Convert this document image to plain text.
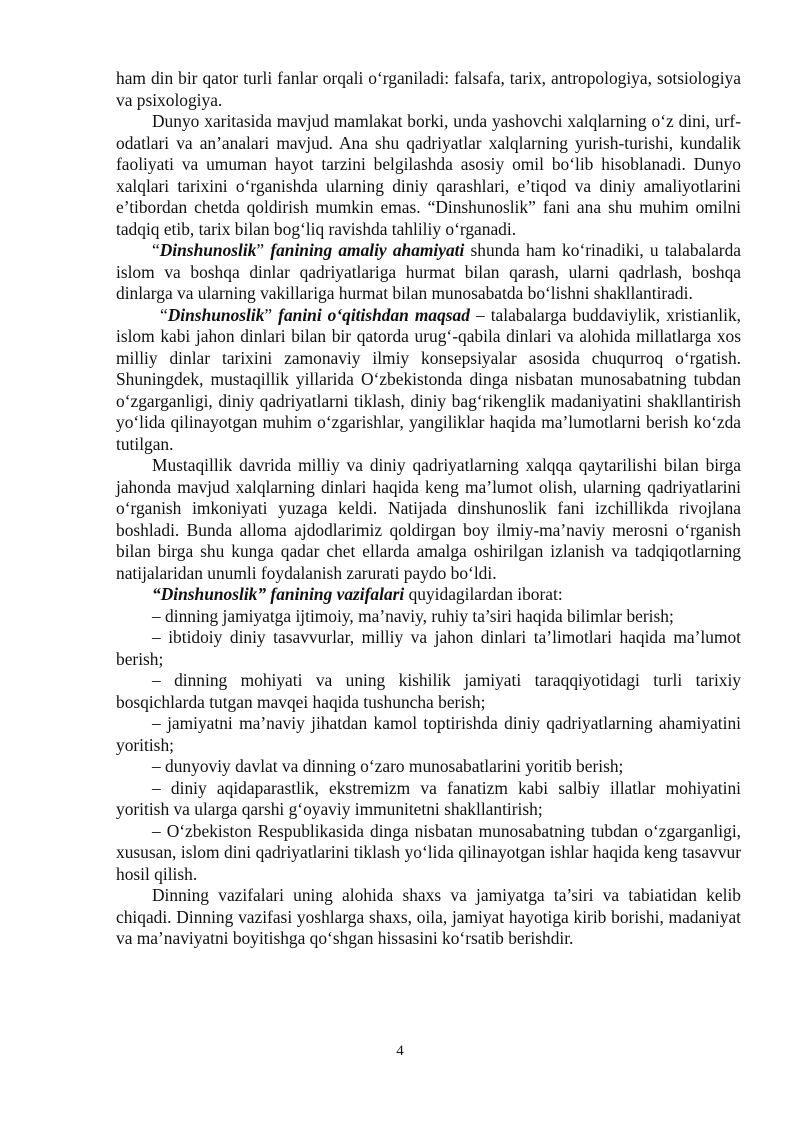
ham din bir qator turli fanlar orqali o‘rganiladi: falsafa, tarix, antropologiya, sotsiologiya va psixologiya.

Dunyo xaritasida mavjud mamlakat borki, unda yashovchi xalqlarning o‘z dini, urf-odatlari va an’analari mavjud. Ana shu qadriyatlar xalqlarning yurish-turishi, kundalik faoliyati va umuman hayot tarzini belgilashda asosiy omil bo‘lib hisoblanadi. Dunyo xalqlari tarixini o‘rganishda ularning diniy qarashlari, e’tiqod va diniy amaliyotlarini e’tibordan chetda qoldirish mumkin emas. “Dinshunoslik” fani ana shu muhim omilni tadqiq etib, tarix bilan bog‘liq ravishda tahliliy o‘rganadi.

“Dinshunoslik” fanining amaliy ahamiyati shunda ham ko‘rinadiki, u talabalarda islom va boshqa dinlar qadriyatlariga hurmat bilan qarash, ularni qadrlash, boshqa dinlarga va ularning vakillariga hurmat bilan munosabatda bo‘lishni shakllantiradi.

“Dinshunoslik” fanini o‘qitishdan maqsad – talabalarga buddaviylik, xristianlik, islom kabi jahon dinlari bilan bir qatorda urug‘-qabila dinlari va alohida millatlarga xos milliy dinlar tarixini zamonaviy ilmiy konsepsiyalar asosida chuqurroq o‘rgatish. Shuningdek, mustaqillik yillarida O‘zbekistonda dinga nisbatan munosabatning tubdan o‘zgarganligi, diniy qadriyatlarni tiklash, diniy bag‘rikenglik madaniyatini shakllantirish yo‘lida qilinayotgan muhim o‘zgarishlar, yangiliklar haqida ma’lumotlarni berish ko‘zda tutilgan.

Mustaqillik davrida milliy va diniy qadriyatlarning xalqqa qaytarilishi bilan birga jahonda mavjud xalqlarning dinlari haqida keng ma’lumot olish, ularning qadriyatlarini o‘rganish imkoniyati yuzaga keldi. Natijada dinshunoslik fani izchillikda rivojlana boshladi. Bunda alloma ajdodlarimiz qoldirgan boy ilmiy-ma’naviy merosni o‘rganish bilan birga shu kunga qadar chet ellarda amalga oshirilgan izlanish va tadqiqotlarning natijalaridan unumli foydalanish zarurati paydo bo‘ldi.

“Dinshunoslik” fanining vazifalari quyidagilardan iborat:

– dinning jamiyatga ijtimoiy, ma’naviy, ruhiy ta’siri haqida bilimlar berish;

– ibtidoiy diniy tasavvurlar, milliy va jahon dinlari ta’limotlari haqida ma’lumot berish;

– dinning mohiyati va uning kishilik jamiyati taraqqiyotidagi turli tarixiy bosqichlarda tutgan mavqei haqida tushuncha berish;

– jamiyatni ma’naviy jihatdan kamol toptirishda diniy qadriyatlarning ahamiyatini yoritish;

– dunyoviy davlat va dinning o‘zaro munosabatlarini yoritib berish;

– diniy aqidaparastlik, ekstremizm va fanatizm kabi salbiy illatlar mohiyatini yoritish va ularga qarshi g‘oyaviy immunitetni shakllantirish;

– O‘zbekiston Respublikasida dinga nisbatan munosabatning tubdan o‘zgarganligi, xususan, islom dini qadriyatlarini tiklash yo‘lida qilinayotgan ishlar haqida keng tasavvur hosil qilish.

Dinning vazifalari uning alohida shaxs va jamiyatga ta’siri va tabiatidan kelib chiqadi. Dinning vazifasi yoshlarga shaxs, oila, jamiyat hayotiga kirib borishi, madaniyat va ma’naviyatni boyitishga qo‘shgan hissasini ko‘rsatib berishdir.

4
